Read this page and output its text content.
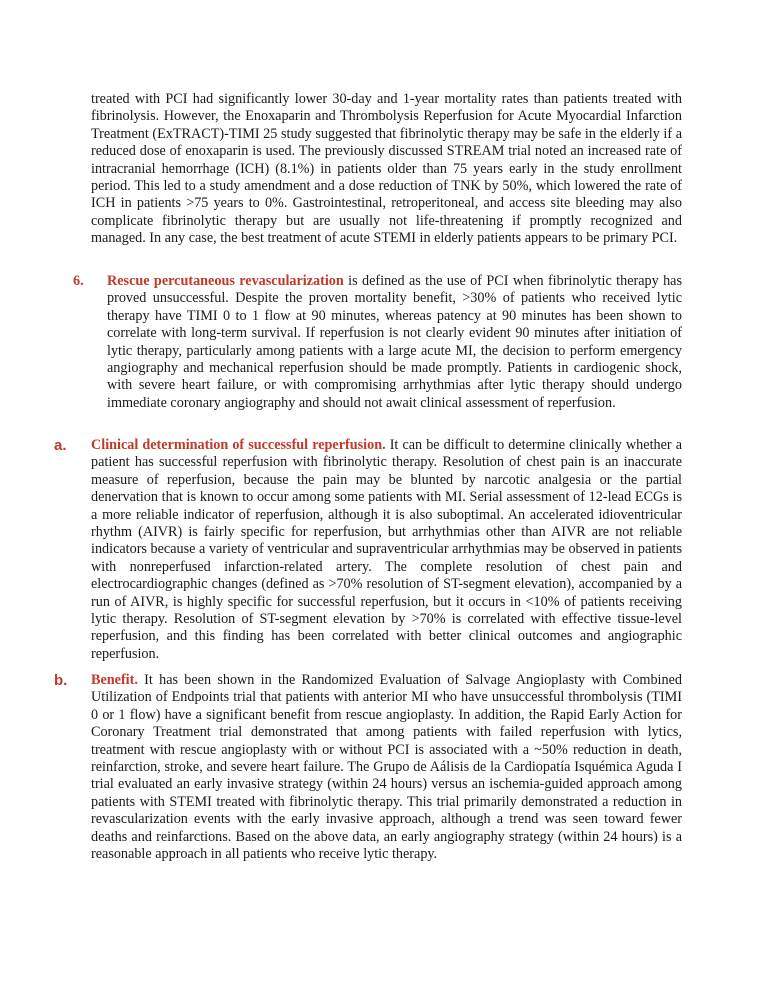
treated with PCI had significantly lower 30-day and 1-year mortality rates than patients treated with fibrinolysis. However, the Enoxaparin and Thrombolysis Reperfusion for Acute Myocardial Infarction Treatment (ExTRACT)-TIMI 25 study suggested that fibrinolytic therapy may be safe in the elderly if a reduced dose of enoxaparin is used. The previously discussed STREAM trial noted an increased rate of intracranial hemorrhage (ICH) (8.1%) in patients older than 75 years early in the study enrollment period. This led to a study amendment and a dose reduction of TNK by 50%, which lowered the rate of ICH in patients >75 years to 0%. Gastrointestinal, retroperitoneal, and access site bleeding may also complicate fibrinolytic therapy but are usually not life-threatening if promptly recognized and managed. In any case, the best treatment of acute STEMI in elderly patients appears to be primary PCI.

6. Rescue percutaneous revascularization is defined as the use of PCI when fibrinolytic therapy has proved unsuccessful. Despite the proven mortality benefit, >30% of patients who received lytic therapy have TIMI 0 to 1 flow at 90 minutes, whereas patency at 90 minutes has been shown to correlate with long-term survival. If reperfusion is not clearly evident 90 minutes after initiation of lytic therapy, particularly among patients with a large acute MI, the decision to perform emergency angiography and mechanical reperfusion should be made promptly. Patients in cardiogenic shock, with severe heart failure, or with compromising arrhythmias after lytic therapy should undergo immediate coronary angiography and should not await clinical assessment of reperfusion.

a. Clinical determination of successful reperfusion. It can be difficult to determine clinically whether a patient has successful reperfusion with fibrinolytic therapy. Resolution of chest pain is an inaccurate measure of reperfusion, because the pain may be blunted by narcotic analgesia or the partial denervation that is known to occur among some patients with MI. Serial assessment of 12-lead ECGs is a more reliable indicator of reperfusion, although it is also suboptimal. An accelerated idioventricular rhythm (AIVR) is fairly specific for reperfusion, but arrhythmias other than AIVR are not reliable indicators because a variety of ventricular and supraventricular arrhythmias may be observed in patients with nonreperfused infarction-related artery. The complete resolution of chest pain and electrocardiographic changes (defined as >70% resolution of ST-segment elevation), accompanied by a run of AIVR, is highly specific for successful reperfusion, but it occurs in <10% of patients receiving lytic therapy. Resolution of ST-segment elevation by >70% is correlated with effective tissue-level reperfusion, and this finding has been correlated with better clinical outcomes and angiographic reperfusion.

b. Benefit. It has been shown in the Randomized Evaluation of Salvage Angioplasty with Combined Utilization of Endpoints trial that patients with anterior MI who have unsuccessful thrombolysis (TIMI 0 or 1 flow) have a significant benefit from rescue angioplasty. In addition, the Rapid Early Action for Coronary Treatment trial demonstrated that among patients with failed reperfusion with lytics, treatment with rescue angioplasty with or without PCI is associated with a ~50% reduction in death, reinfarction, stroke, and severe heart failure. The Grupo de Aálisis de la Cardiopatía Isquémica Aguda I trial evaluated an early invasive strategy (within 24 hours) versus an ischemia-guided approach among patients with STEMI treated with fibrinolytic therapy. This trial primarily demonstrated a reduction in revascularization events with the early invasive approach, although a trend was seen toward fewer deaths and reinfarctions. Based on the above data, an early angiography strategy (within 24 hours) is a reasonable approach in all patients who receive lytic therapy.
